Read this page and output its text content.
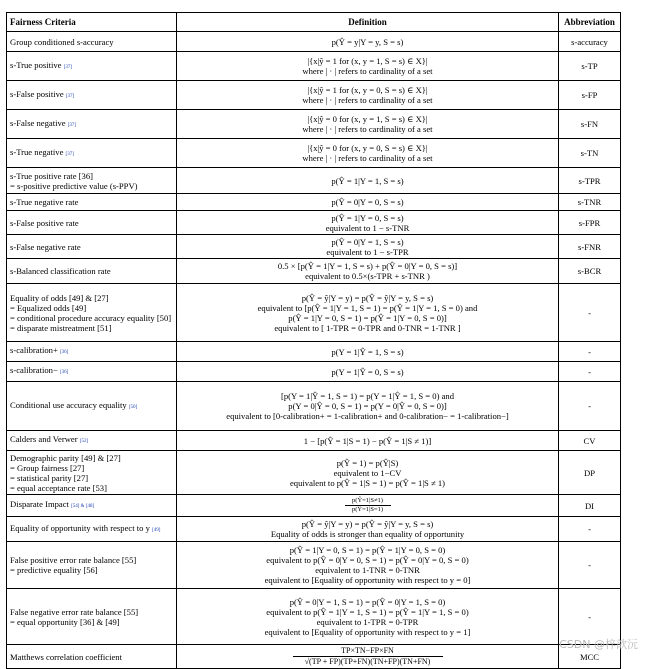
Fairness Criteria	Definition	Abbreviation

Group conditioned s-accuracy	p(Ŷ = y|Y = y, S = s)	s-accuracy

s-True positive [37]	|{x|ŷ = 1 for (x, y = 1, S = s) ∈ X}|
where | · | refers to cardinality of a set	s-TP

s-False positive [37]	|{x|ŷ = 1 for (x, y = 0, S = s) ∈ X}|
where | · | refers to cardinality of a set	s-FP

s-False negative [37]	|{x|ŷ = 0 for (x, y = 1, S = s) ∈ X}|
where | · | refers to cardinality of a set	s-FN

s-True negative [37]	|{x|ŷ = 0 for (x, y = 0, S = s) ∈ X}|
where | · | refers to cardinality of a set	s-TN

s-True positive rate [36]
= s-positive predictive value (s-PPV)	p(Ŷ = 1|Y = 1, S = s)	s-TPR

s-True negative rate	p(Ŷ = 0|Y = 0, S = s)	s-TNR

s-False positive rate	p(Ŷ = 1|Y = 0, S = s)
equivalent to 1 − s-TNR	s-FPR

s-False negative rate	p(Ŷ = 0|Y = 1, S = s)
equivalent to 1 − s-TPR	s-FNR

s-Balanced classification rate	0.5 × [p(Ŷ = 1|Y = 1, S = s) + p(Ŷ = 0|Y = 0, S = s)]
equivalent to 0.5×(s-TPR + s-TNR )	s-BCR

Equality of odds [49] & [27]
= Equalized odds [49]
= conditional procedure accuracy equality [50]
= disparate mistreatment [51]	p(Ŷ = ŷ|Y = y) = p(Ŷ = ŷ|Y = y, S = s)
equivalent to [p(Ŷ = 1|Y = 1, S = 1) = p(Ŷ = 1|Y = 1, S = 0) and
p(Ŷ = 1|Y = 0, S = 1) = p(Ŷ = 1|Y = 0, S = 0)]
equivalent to [ 1-TPR = 0-TPR and 0-TNR = 1-TNR ]	-

s-calibration+ [36]	p(Y = 1|Ŷ = 1, S = s)	-

s-calibration− [36]	p(Y = 1|Ŷ = 0, S = s)	-

Conditional use accuracy equality [50]	[p(Y = 1|Ŷ = 1, S = 1) = p(Y = 1|Ŷ = 1, S = 0) and
p(Y = 0|Ŷ = 0, S = 1) = p(Y = 0|Ŷ = 0, S = 0)]
equivalent to [0-calibration+ = 1-calibration+ and 0-calibration− = 1-calibration−]	-

Calders and Verwer [52]	1 − [p(Ŷ = 1|S = 1) − p(Ŷ = 1|S ≠ 1)]	CV

Demographic parity [49] & [27]
= Group fairness [27]
= statistical parity [27]
= equal acceptance rate [53]	p(Ŷ = 1) = p(Ŷ|S)
equivalent to 1−CV
equivalent to p(Ŷ = 1|S = 1) = p(Ŷ = 1|S ≠ 1)	DP

Disparate Impact [54] & [48]	p(Ŷ=1|S≠1)
p(Ŷ=1|S=1)	DI

Equality of opportunity with respect to y [49]	p(Ŷ = ŷ|Y = y) = p(Ŷ = ŷ|Y = y, S = s)
Equality of odds is stronger than equality of opportunity	-

False positive error rate balance [55]
= predictive equality [56]	p(Ŷ = 1|Y = 0, S = 1) = p(Ŷ = 1|Y = 0, S = 0)
equivalent to p(Ŷ = 0|Y = 0, S = 1) = p(Ŷ = 0|Y = 0, S = 0)
equivalent to 1-TNR = 0-TNR
equivalent to [Equality of opportunity with respect to y = 0]	-

False negative error rate balance [55]
= equal opportunity [36] & [49]	p(Ŷ = 0|Y = 1, S = 1) = p(Ŷ = 0|Y = 1, S = 0)
equivalent to p(Ŷ = 1|Y = 1, S = 1) = p(Ŷ = 1|Y = 1, S = 0)
equivalent to 1-TPR = 0-TPR
equivalent to [Equality of opportunity with respect to y = 1]	-

Matthews correlation coefficient	TP×TN−FP×FN
√(TP + FP)(TP+FN)(TN+FP)(TN+FN)	MCC
CSDN @梓歆沅
